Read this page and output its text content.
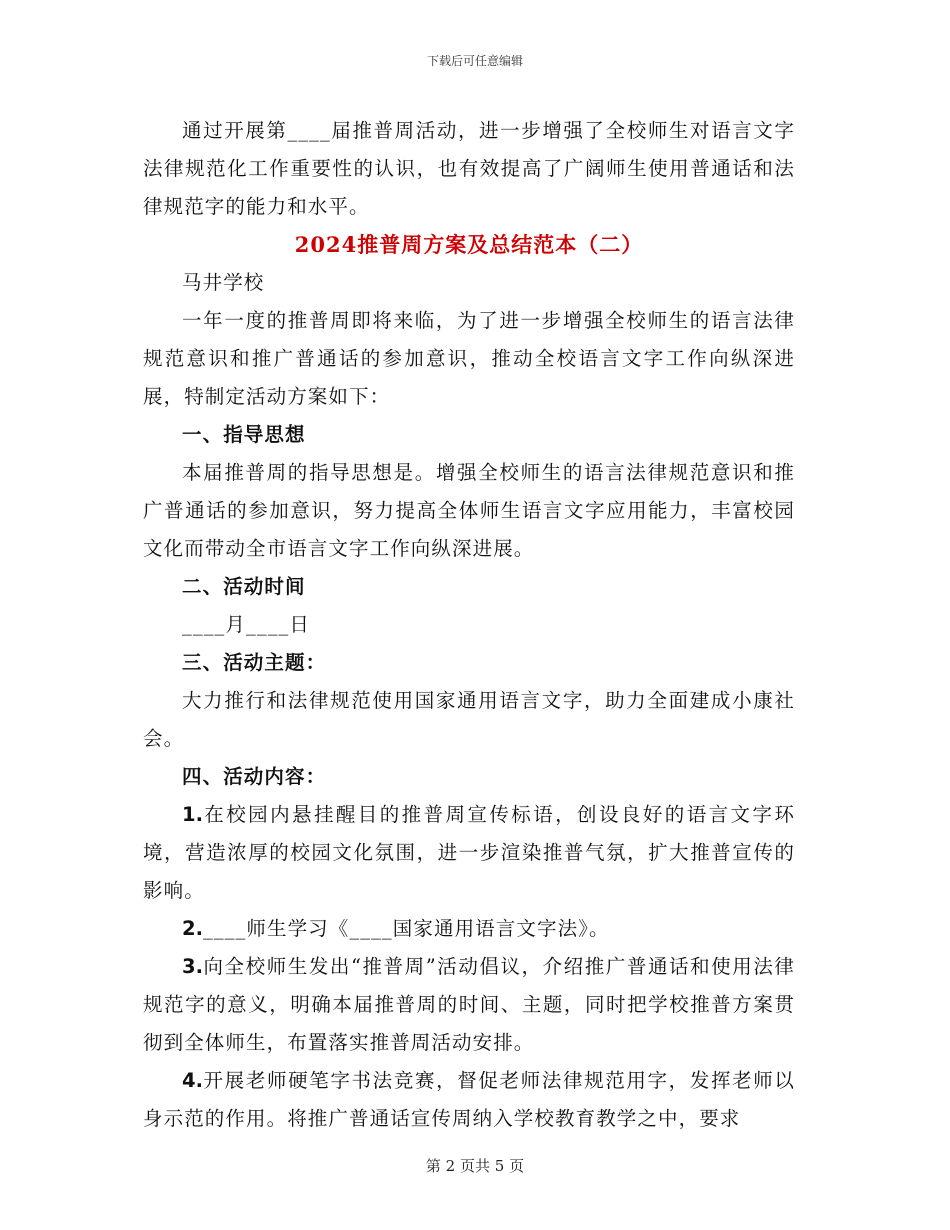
下载后可任意编辑

通过开展第____届推普周活动，进一步增强了全校师生对语言文字法律规范化工作重要性的认识，也有效提高了广阔师生使用普通话和法律规范字的能力和水平。

2024推普周方案及总结范本（二）

马井学校

一年一度的推普周即将来临，为了进一步增强全校师生的语言法律规范意识和推广普通话的参加意识，推动全校语言文字工作向纵深进展，特制定活动方案如下：

一、指导思想

本届推普周的指导思想是。增强全校师生的语言法律规范意识和推广普通话的参加意识，努力提高全体师生语言文字应用能力，丰富校园文化而带动全市语言文字工作向纵深进展。

二、活动时间

____月____日

三、活动主题：

大力推行和法律规范使用国家通用语言文字，助力全面建成小康社会。

四、活动内容：

1.在校园内悬挂醒目的推普周宣传标语，创设良好的语言文字环境，营造浓厚的校园文化氛围，进一步渲染推普气氛，扩大推普宣传的影响。

2.____师生学习《____国家通用语言文字法》。

3.向全校师生发出“推普周”活动倡议，介绍推广普通话和使用法律规范字的意义，明确本届推普周的时间、主题，同时把学校推普方案贯彻到全体师生，布置落实推普周活动安排。

4.开展老师硬笔字书法竞赛，督促老师法律规范用字，发挥老师以身示范的作用。将推广普通话宣传周纳入学校教育教学之中，要求

第 2 页共 5 页
